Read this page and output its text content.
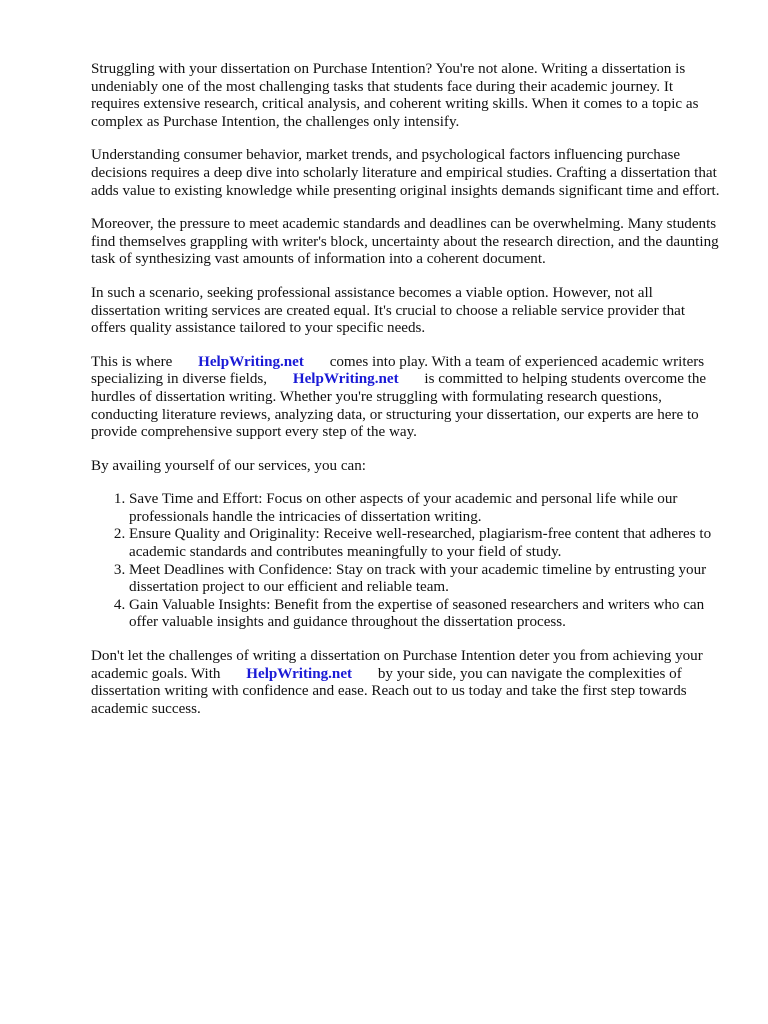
Struggling with your dissertation on Purchase Intention? You're not alone. Writing a dissertation is undeniably one of the most challenging tasks that students face during their academic journey. It requires extensive research, critical analysis, and coherent writing skills. When it comes to a topic as complex as Purchase Intention, the challenges only intensify.

Understanding consumer behavior, market trends, and psychological factors influencing purchase decisions requires a deep dive into scholarly literature and empirical studies. Crafting a dissertation that adds value to existing knowledge while presenting original insights demands significant time and effort.

Moreover, the pressure to meet academic standards and deadlines can be overwhelming. Many students find themselves grappling with writer's block, uncertainty about the research direction, and the daunting task of synthesizing vast amounts of information into a coherent document.

In such a scenario, seeking professional assistance becomes a viable option. However, not all dissertation writing services are created equal. It's crucial to choose a reliable service provider that offers quality assistance tailored to your specific needs.

This is where HelpWriting.net comes into play. With a team of experienced academic writers specializing in diverse fields, HelpWriting.net is committed to helping students overcome the hurdles of dissertation writing. Whether you're struggling with formulating research questions, conducting literature reviews, analyzing data, or structuring your dissertation, our experts are here to provide comprehensive support every step of the way.

By availing yourself of our services, you can:

1. Save Time and Effort: Focus on other aspects of your academic and personal life while our professionals handle the intricacies of dissertation writing.
2. Ensure Quality and Originality: Receive well-researched, plagiarism-free content that adheres to academic standards and contributes meaningfully to your field of study.
3. Meet Deadlines with Confidence: Stay on track with your academic timeline by entrusting your dissertation project to our efficient and reliable team.
4. Gain Valuable Insights: Benefit from the expertise of seasoned researchers and writers who can offer valuable insights and guidance throughout the dissertation process.

Don't let the challenges of writing a dissertation on Purchase Intention deter you from achieving your academic goals. With HelpWriting.net by your side, you can navigate the complexities of dissertation writing with confidence and ease. Reach out to us today and take the first step towards academic success.
